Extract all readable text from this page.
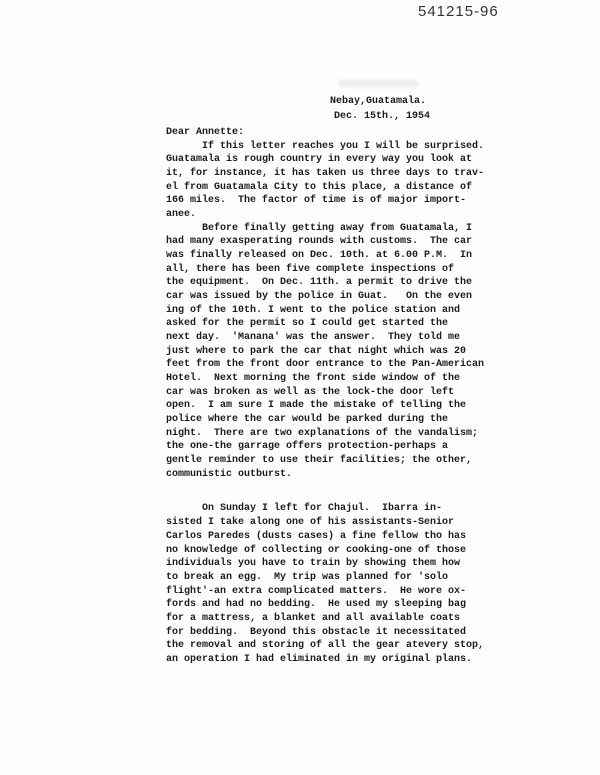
541215-96
Nebay,Guatamala.
Dec. 15th., 1954

Dear Annette:

If this letter reaches you I will be surprised.

Guatamala is rough country in every way you look at

it, for instance, it has taken us three days to trav-

el from Guatamala City to this place, a distance of

166 miles.  The factor of time is of major import-

anee.

Before finally getting away from Guatamala, I

had many exasperating rounds with customs.  The car

was finally released on Dec. 10th. at 6.00 P.M.  In

all, there has been five complete inspections of

the equipment.  On Dec. 11th. a permit to drive the

car was issued by the police in Guat.   On the even

ing of the 10th. I went to the police station and

asked for the permit so I could get started the

next day.  'Manana' was the answer.  They told me

just where to park the car that night which was 20

feet from the front door entrance to the Pan-American

Hotel.  Next morning the front side window of the

car was broken as well as the lock-the door left

open.  I am sure I made the mistake of telling the

police where the car would be parked during the

night.  There are two explanations of the vandalism;

the one-the garrage offers protection-perhaps a

gentle reminder to use their facilities; the other,

communistic outburst.

On Sunday I left for Chajul.  Ibarra in-

sisted I take along one of his assistants-Senior

Carlos Paredes (dusts cases) a fine fellow tho has

no knowledge of collecting or cooking-one of those

individuals you have to train by showing them how

to break an egg.  My trip was planned for 'solo

flight'-an extra complicated matters.  He wore ox-

fords and had no bedding.  He used my sleeping bag

for a mattress, a blanket and all available coats

for bedding.  Beyond this obstacle it necessitated

the removal and storing of all the gear atevery stop,

an operation I had eliminated in my original plans.
